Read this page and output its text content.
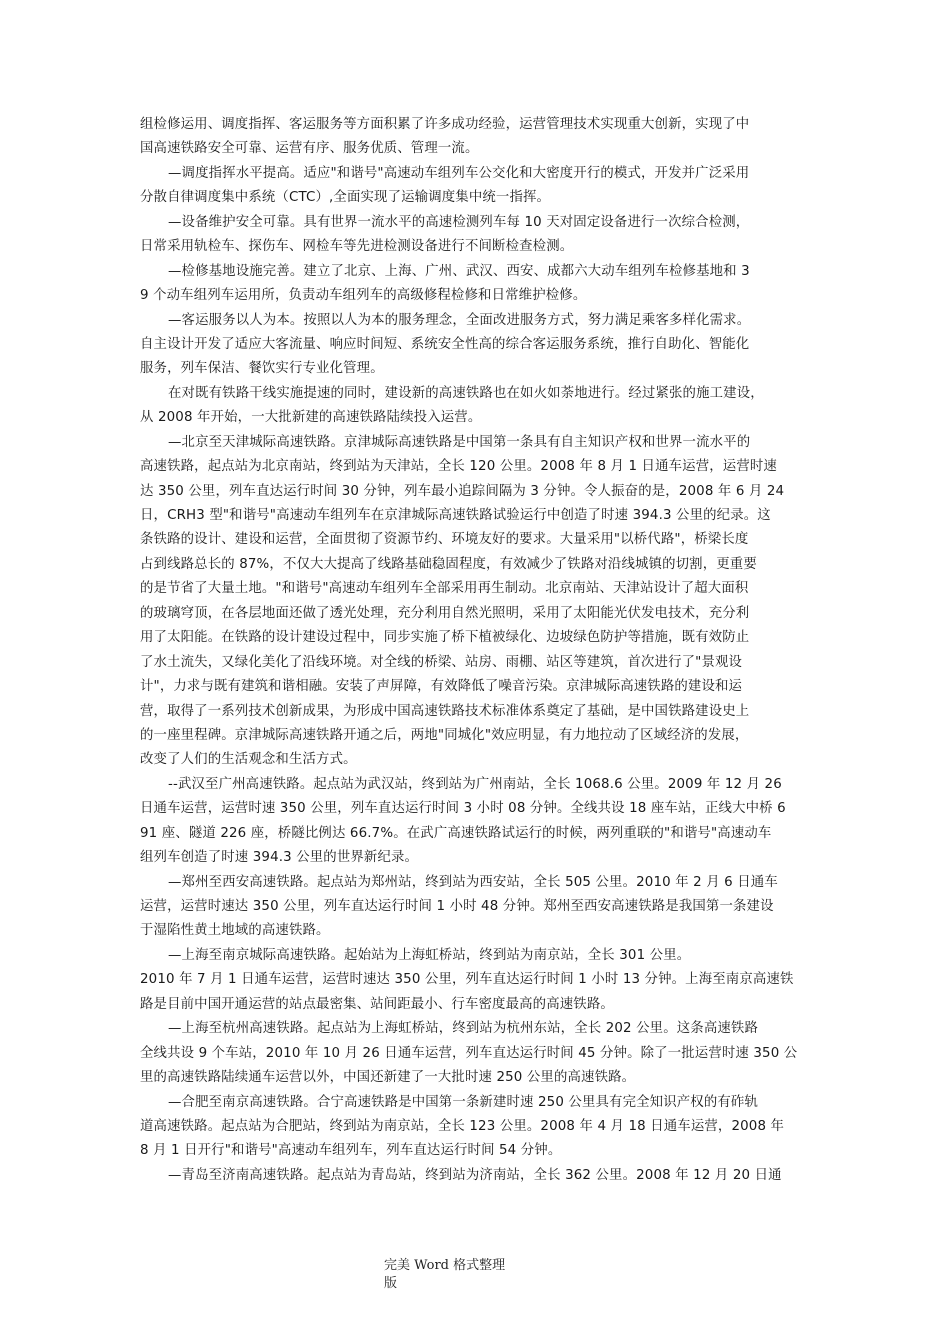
组检修运用、调度指挥、客运服务等方面积累了许多成功经验，运营管理技术实现重大创新，实现了中
国高速铁路安全可靠、运营有序、服务优质、管理一流。
—调度指挥水平提高。适应"和谐号"高速动车组列车公交化和大密度开行的模式，开发并广泛采用
分散自律调度集中系统（CTC）,全面实现了运输调度集中统一指挥。
—设备维护安全可靠。具有世界一流水平的高速检测列车每 10 天对固定设备进行一次综合检测，
日常采用轨检车、探伤车、网检车等先进检测设备进行不间断检查检测。
—检修基地设施完善。建立了北京、上海、广州、武汉、西安、成都六大动车组列车检修基地和 3
9 个动车组列车运用所，负责动车组列车的高级修程检修和日常维护检修。
—客运服务以人为本。按照以人为本的服务理念，全面改进服务方式，努力满足乘客多样化需求。
自主设计开发了适应大客流量、响应时间短、系统安全性高的综合客运服务系统，推行自助化、智能化
服务，列车保洁、餐饮实行专业化管理。
在对既有铁路干线实施提速的同时，建设新的高速铁路也在如火如荼地进行。经过紧张的施工建设，
从 2008 年开始，一大批新建的高速铁路陆续投入运营。
—北京至天津城际高速铁路。京津城际高速铁路是中国第一条具有自主知识产权和世界一流水平的
高速铁路，起点站为北京南站，终到站为天津站，全长 120 公里。2008 年 8 月 1 日通车运营，运营时速
达 350 公里，列车直达运行时间 30 分钟，列车最小追踪间隔为 3 分钟。令人振奋的是，2008 年 6 月 24
日，CRH3 型"和谐号"高速动车组列车在京津城际高速铁路试验运行中创造了时速 394.3 公里的纪录。这
条铁路的设计、建设和运营，全面贯彻了资源节约、环境友好的要求。大量采用"以桥代路"，桥梁长度
占到线路总长的 87%，不仅大大提高了线路基础稳固程度，有效减少了铁路对沿线城镇的切割，更重要
的是节省了大量土地。"和谐号"高速动车组列车全部采用再生制动。北京南站、天津站设计了超大面积
的玻璃穹顶，在各层地面还做了透光处理，充分利用自然光照明，采用了太阳能光伏发电技术，充分利
用了太阳能。在铁路的设计建设过程中，同步实施了桥下植被绿化、边坡绿色防护等措施，既有效防止
了水土流失，又绿化美化了沿线环境。对全线的桥梁、站房、雨棚、站区等建筑，首次进行了"景观设
计"，力求与既有建筑和谐相融。安装了声屏障，有效降低了噪音污染。京津城际高速铁路的建设和运
营，取得了一系列技术创新成果，为形成中国高速铁路技术标准体系奠定了基础，是中国铁路建设史上
的一座里程碑。京津城际高速铁路开通之后，两地"同城化"效应明显，有力地拉动了区域经济的发展，
改变了人们的生活观念和生活方式。
--武汉至广州高速铁路。起点站为武汉站，终到站为广州南站，全长 1068.6 公里。2009 年 12 月 26
日通车运营，运营时速 350 公里，列车直达运行时间 3 小时 08 分钟。全线共设 18 座车站，正线大中桥 6
91 座、隧道 226 座，桥隧比例达 66.7%。在武广高速铁路试运行的时候，两列重联的"和谐号"高速动车
组列车创造了时速 394.3 公里的世界新纪录。
—郑州至西安高速铁路。起点站为郑州站，终到站为西安站，全长 505 公里。2010 年 2 月 6 日通车
运营，运营时速达 350 公里，列车直达运行时间 1 小时 48 分钟。郑州至西安高速铁路是我国第一条建设
于湿陷性黄土地域的高速铁路。
—上海至南京城际高速铁路。起始站为上海虹桥站，终到站为南京站，全长 301 公里。
2010 年 7 月 1 日通车运营，运营时速达 350 公里，列车直达运行时间 1 小时 13 分钟。上海至南京高速铁
路是目前中国开通运营的站点最密集、站间距最小、行车密度最高的高速铁路。
—上海至杭州高速铁路。起点站为上海虹桥站，终到站为杭州东站，全长 202 公里。这条高速铁路
全线共设 9 个车站，2010 年 10 月 26 日通车运营，列车直达运行时间 45 分钟。除了一批运营时速 350 公
里的高速铁路陆续通车运营以外，中国还新建了一大批时速 250 公里的高速铁路。
—合肥至南京高速铁路。合宁高速铁路是中国第一条新建时速 250 公里具有完全知识产权的有砟轨
道高速铁路。起点站为合肥站，终到站为南京站，全长 123 公里。2008 年 4 月 18 日通车运营，2008 年
8 月 1 日开行"和谐号"高速动车组列车，列车直达运行时间 54 分钟。
—青岛至济南高速铁路。起点站为青岛站，终到站为济南站，全长 362 公里。2008 年 12 月 20 日通
完美 Word 格式整理
版
